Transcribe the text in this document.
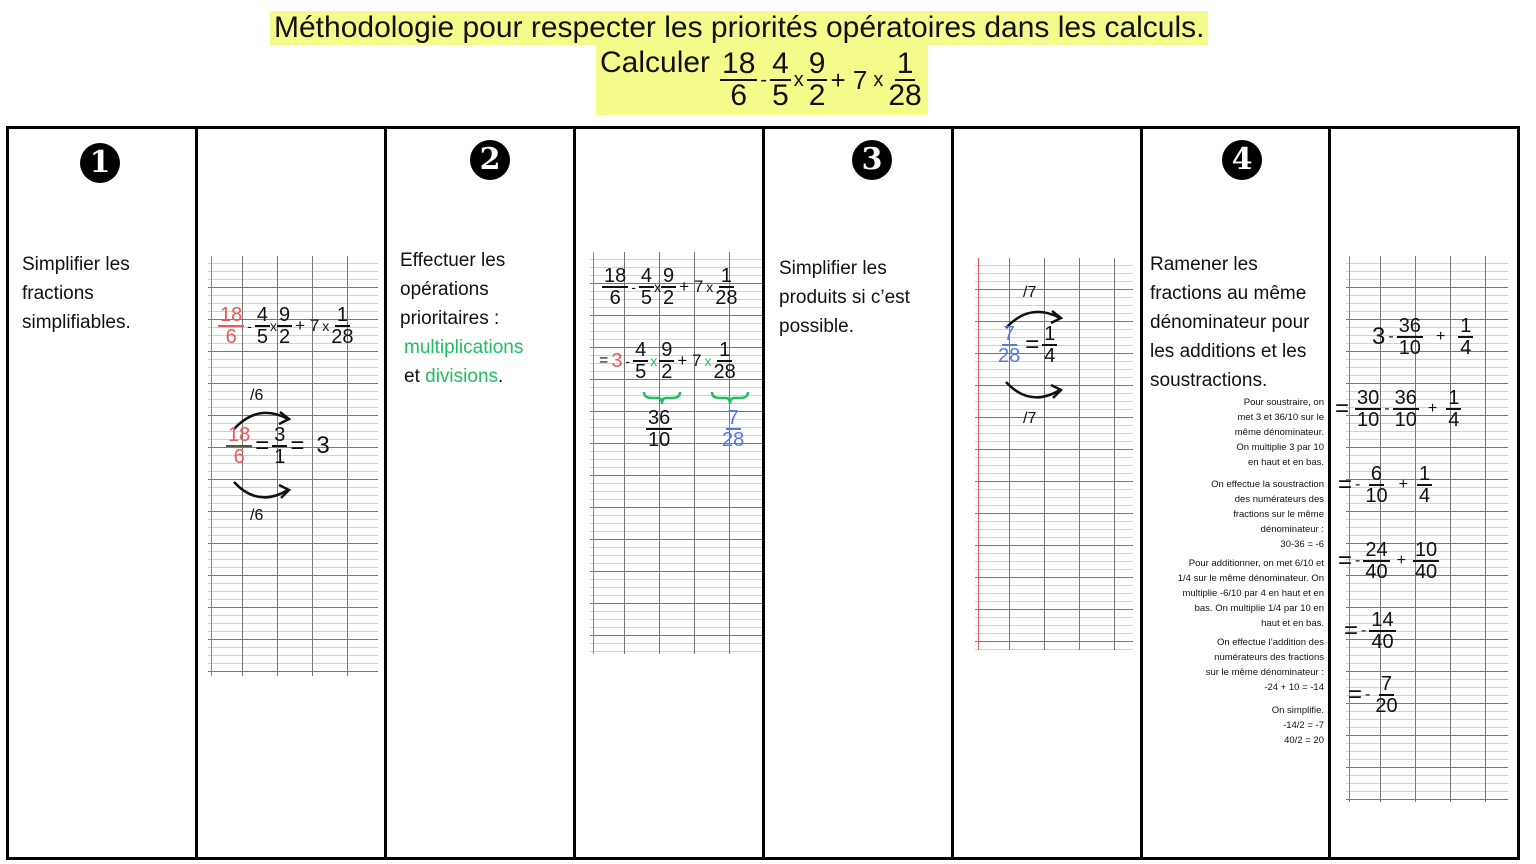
Méthodologie pour respecter les priorités opératoires dans les calculs.
Calculer $\frac{18}{6} - \frac{4}{5}$ x $\frac{9}{2} + 7$ x $\frac{1}{28}$
1	2	3	4
Simplifier les fractions simplifiables.
Effectuer les opérations prioritaires :
multiplications
et divisions.
Simplifier les produits si c’est possible.
Ramener les fractions au même dénominateur pour les additions et les soustractions.
Pour soustraire, on
met 3 et 36/10 sur le
même dénominateur.
On multiplie 3 par 10
en haut et en bas.
On effectue la soustraction
des numérateurs des
fractions sur le même
dénominateur :
30-36 = -6
Pour additionner, on met 6/10 et
1/4 sur le même dénominateur. On
multiplie -6/10 par 4 en haut et en
bas. On multiplie 1/4 par 10 en
haut et en bas.
On effectue l’addition des
numérateurs des fractions
sur le même dénominateur :
-24 + 10 = -14
On simplifie.
-14/2 = -7
40/2 = 20
$\frac{18}{6} - \frac{4}{5}$ x $\frac{9}{2} + 7$ x $\frac{1}{28}$
/6
$\frac{18}{6} = \frac{3}{1} = 3$
/6
$\frac{18}{6} - \frac{4}{5}$ x $\frac{9}{2} + 7$ x $\frac{1}{28}$
= $3 - \frac{4}{5}$ x $\frac{9}{2} + 7$ x $\frac{1}{28}$
$\frac{36}{10} \frac{7}{28}$
/7
$\frac{7}{28} = \frac{1}{4}$
/7
$3 - \frac{36}{10} + \frac{1}{4}$
= $\frac{30}{10} - \frac{36}{10} + \frac{1}{4}$
= - $\frac{6}{10} + \frac{1}{4}$
= - $\frac{24}{40} + \frac{10}{40}$
= - $\frac{14}{40}$
= - $\frac{7}{20}$
